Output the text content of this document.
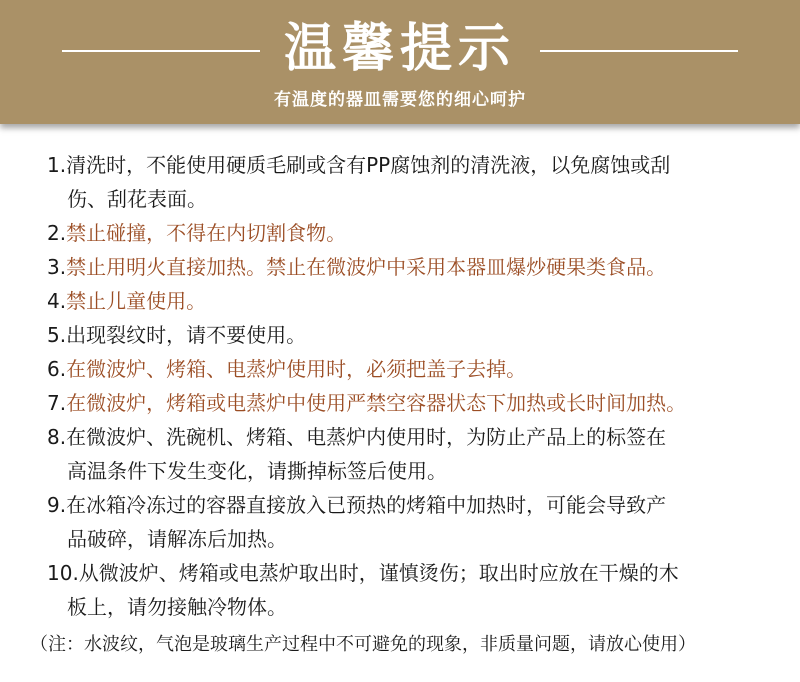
温馨提示
有温度的器皿需要您的细心呵护
1.清洗时，不能使用硬质毛刷或含有PP腐蚀剂的清洗液，以免腐蚀或刮
伤、刮花表面。
2.禁止碰撞，不得在内切割食物。
3.禁止用明火直接加热。禁止在微波炉中采用本器皿爆炒硬果类食品。
4.禁止儿童使用。
5.出现裂纹时，请不要使用。
6.在微波炉、烤箱、电蒸炉使用时，必须把盖子去掉。
7.在微波炉，烤箱或电蒸炉中使用严禁空容器状态下加热或长时间加热。
8.在微波炉、洗碗机、烤箱、电蒸炉内使用时，为防止产品上的标签在
高温条件下发生变化，请撕掉标签后使用。
9.在冰箱冷冻过的容器直接放入已预热的烤箱中加热时，可能会导致产
品破碎，请解冻后加热。
10.从微波炉、烤箱或电蒸炉取出时，谨慎烫伤；取出时应放在干燥的木
板上，请勿接触冷物体。
（注：水波纹，气泡是玻璃生产过程中不可避免的现象，非质量问题，请放心使用）
